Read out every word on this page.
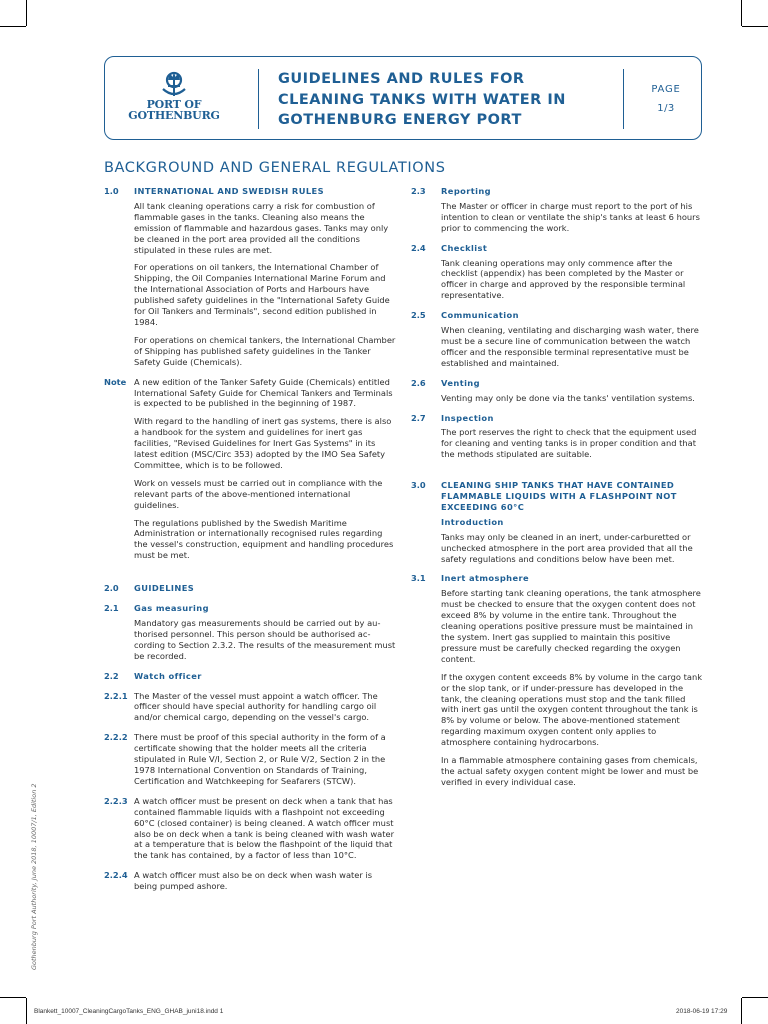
PORT OF
GOTHENBURG
GUIDELINES AND RULES FOR
CLEANING TANKS WITH WATER IN
GOTHENBURG ENERGY PORT
PAGE
1/3
BACKGROUND AND GENERAL REGULATIONS
1.0 INTERNATIONAL AND SWEDISH RULES
All tank cleaning operations carry a risk for combustion of flammable gases in the tanks. Cleaning also means the emission of flammable and hazardous gases. Tanks may only be cleaned in the port area provided all the conditions stipulated in these rules are met.
For operations on oil tankers, the International Chamber of Shipping, the Oil Companies International Marine Forum and the International Association of Ports and Harbours have published safety guidelines in the "International Safety Guide for Oil Tankers and Terminals", second edition published in 1984.
For operations on chemical tankers, the International Chamber of Shipping has published safety guidelines in the Tanker Safety Guide (Chemicals).
Note A new edition of the Tanker Safety Guide (Chemicals) entitled International Safety Guide for Chemical Tankers and Terminals is expected to be published in the beginning of 1987.
With regard to the handling of inert gas systems, there is also a handbook for the system and guidelines for inert gas facilities, "Revised Guidelines for Inert Gas Systems" in its latest edition (MSC/Circ 353) adopted by the IMO Sea Safety Committee, which is to be followed.
Work on vessels must be carried out in compliance with the relevant parts of the above-mentioned international guidelines.
The regulations published by the Swedish Maritime Administration or internationally recognised rules regarding the vessel's construction, equipment and handling procedures must be met.
2.0 GUIDELINES
2.1 Gas measuring
Mandatory gas measurements should be carried out by au-thorised personnel. This person should be authorised ac-cording to Section 2.3.2. The results of the measurement must be recorded.
2.2 Watch officer
2.2.1 The Master of the vessel must appoint a watch officer. The officer should have special authority for handling cargo oil and/or chemical cargo, depending on the vessel's cargo.
2.2.2 There must be proof of this special authority in the form of a certificate showing that the holder meets all the criteria stipulated in Rule V/I, Section 2, or Rule V/2, Section 2 in the 1978 International Convention on Standards of Training, Certification and Watchkeeping for Seafarers (STCW).
2.2.3 A watch officer must be present on deck when a tank that has contained flammable liquids with a flashpoint not exceeding 60°C (closed container) is being cleaned. A watch officer must also be on deck when a tank is being cleaned with wash water at a temperature that is below the flashpoint of the liquid that the tank has contained, by a factor of less than 10°C.
2.2.4 A watch officer must also be on deck when wash water is being pumped ashore.
2.3 Reporting
The Master or officer in charge must report to the port of his intention to clean or ventilate the ship's tanks at least 6 hours prior to commencing the work.
2.4 Checklist
Tank cleaning operations may only commence after the checklist (appendix) has been completed by the Master or officer in charge and approved by the responsible terminal representative.
2.5 Communication
When cleaning, ventilating and discharging wash water, there must be a secure line of communication between the watch officer and the responsible terminal representative must be established and maintained.
2.6 Venting
Venting may only be done via the tanks' ventilation systems.
2.7 Inspection
The port reserves the right to check that the equipment used for cleaning and venting tanks is in proper condition and that the methods stipulated are suitable.
3.0 CLEANING SHIP TANKS THAT HAVE CONTAINED FLAMMABLE LIQUIDS WITH A FLASHPOINT NOT EXCEEDING 60°C
Introduction
Tanks may only be cleaned in an inert, under-carburetted or unchecked atmosphere in the port area provided that all the safety regulations and conditions below have been met.
3.1 Inert atmosphere
Before starting tank cleaning operations, the tank atmosphere must be checked to ensure that the oxygen content does not exceed 8% by volume in the entire tank. Throughout the cleaning operations positive pressure must be maintained in the system. Inert gas supplied to maintain this positive pressure must be carefully checked regarding the oxygen content.
If the oxygen content exceeds 8% by volume in the cargo tank or the slop tank, or if under-pressure has developed in the tank, the cleaning operations must stop and the tank filled with inert gas until the oxygen content throughout the tank is 8% by volume or below. The above-mentioned statement regarding maximum oxygen content only applies to atmosphere containing hydrocarbons.
In a flammable atmosphere containing gases from chemicals, the actual safety oxygen content might be lower and must be verified in every individual case.
Gothenburg Port Authority, June 2018, 10007/1, Edition 2
Blankett_10007_CleaningCargoTanks_ENG_GHAB_juni18.indd 1	2018-06-19 17:29
